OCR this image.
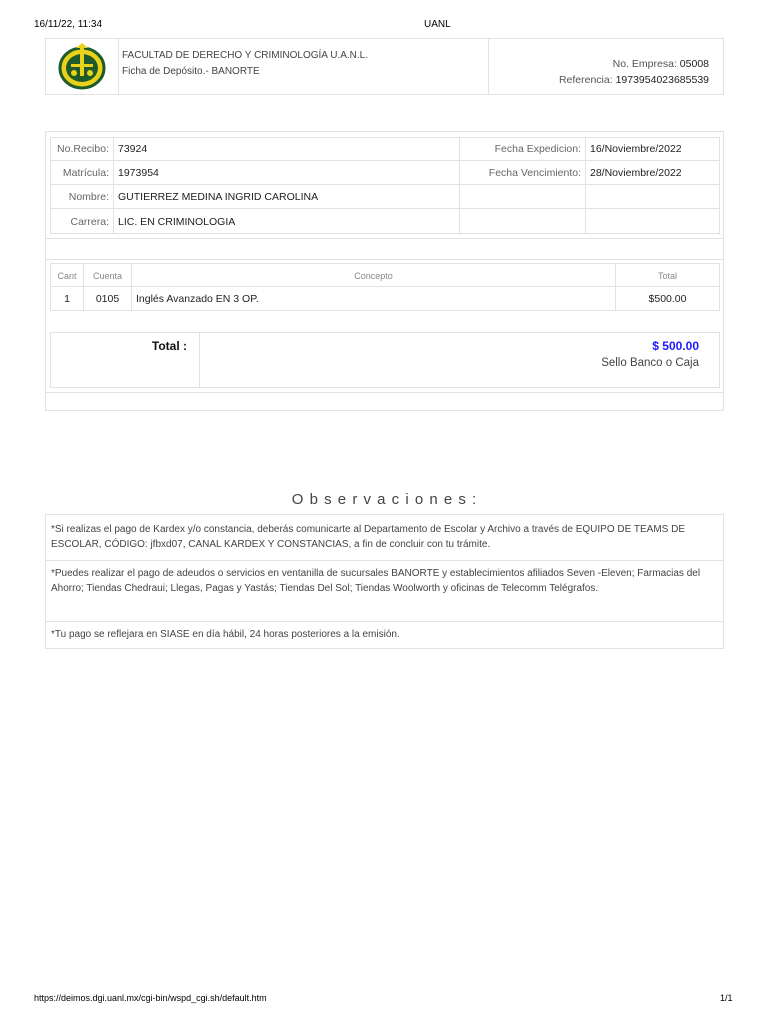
16/11/22, 11:34	UANL
FACULTAD DE DERECHO Y CRIMINOLOGÍA U.A.N.L.
Ficha de Depósito.- BANORTE
No. Empresa: 05008
Referencia: 1973954023685539
No.Recibo: 73924	Fecha Expedicion: 16/Noviembre/2022
Matrícula: 1973954	Fecha Vencimiento: 28/Noviembre/2022
Nombre: GUTIERREZ MEDINA INGRID CAROLINA
Carrera: LIC. EN CRIMINOLOGIA
Cant	Cuenta	Concepto	Total
1	0105	Inglés Avanzado EN 3 OP.	$500.00
Total :	$ 500.00
Sello Banco o Caja
O b s e r v a c i o n e s :
*Si realizas el pago de Kardex y/o constancia, deberás comunicarte al Departamento de Escolar y Archivo a través de EQUIPO DE TEAMS DE ESCOLAR, CÓDIGO: jfbxd07, CANAL KARDEX Y CONSTANCIAS, a fin de concluir con tu trámite.
*Puedes realizar el pago de adeudos o servicios en ventanilla de sucursales BANORTE y establecimientos afiliados Seven -Eleven; Farmacias del Ahorro; Tiendas Chedraui; Llegas, Pagas y Yastás; Tiendas Del Sol; Tiendas Woolworth y oficinas de Telecomm Telégrafos.
*Tu pago se reflejara en SIASE en día hábil, 24 horas posteriores a la emisión.
https://deimos.dgi.uanl.mx/cgi-bin/wspd_cgi.sh/default.htm	1/1
